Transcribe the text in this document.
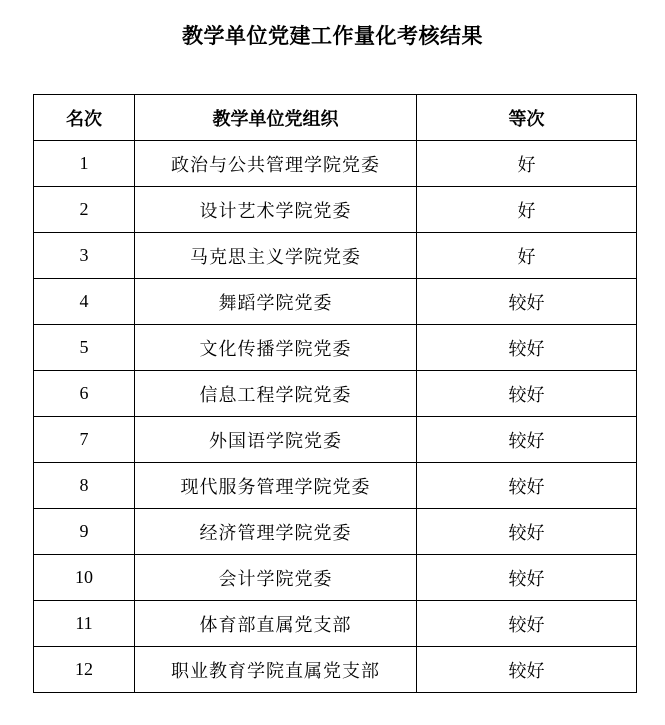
教学单位党建工作量化考核结果
名次	教学单位党组织	等次
1	政治与公共管理学院党委	好
2	设计艺术学院党委	好
3	马克思主义学院党委	好
4	舞蹈学院党委	较好
5	文化传播学院党委	较好
6	信息工程学院党委	较好
7	外国语学院党委	较好
8	现代服务管理学院党委	较好
9	经济管理学院党委	较好
10	会计学院党委	较好
11	体育部直属党支部	较好
12	职业教育学院直属党支部	较好
